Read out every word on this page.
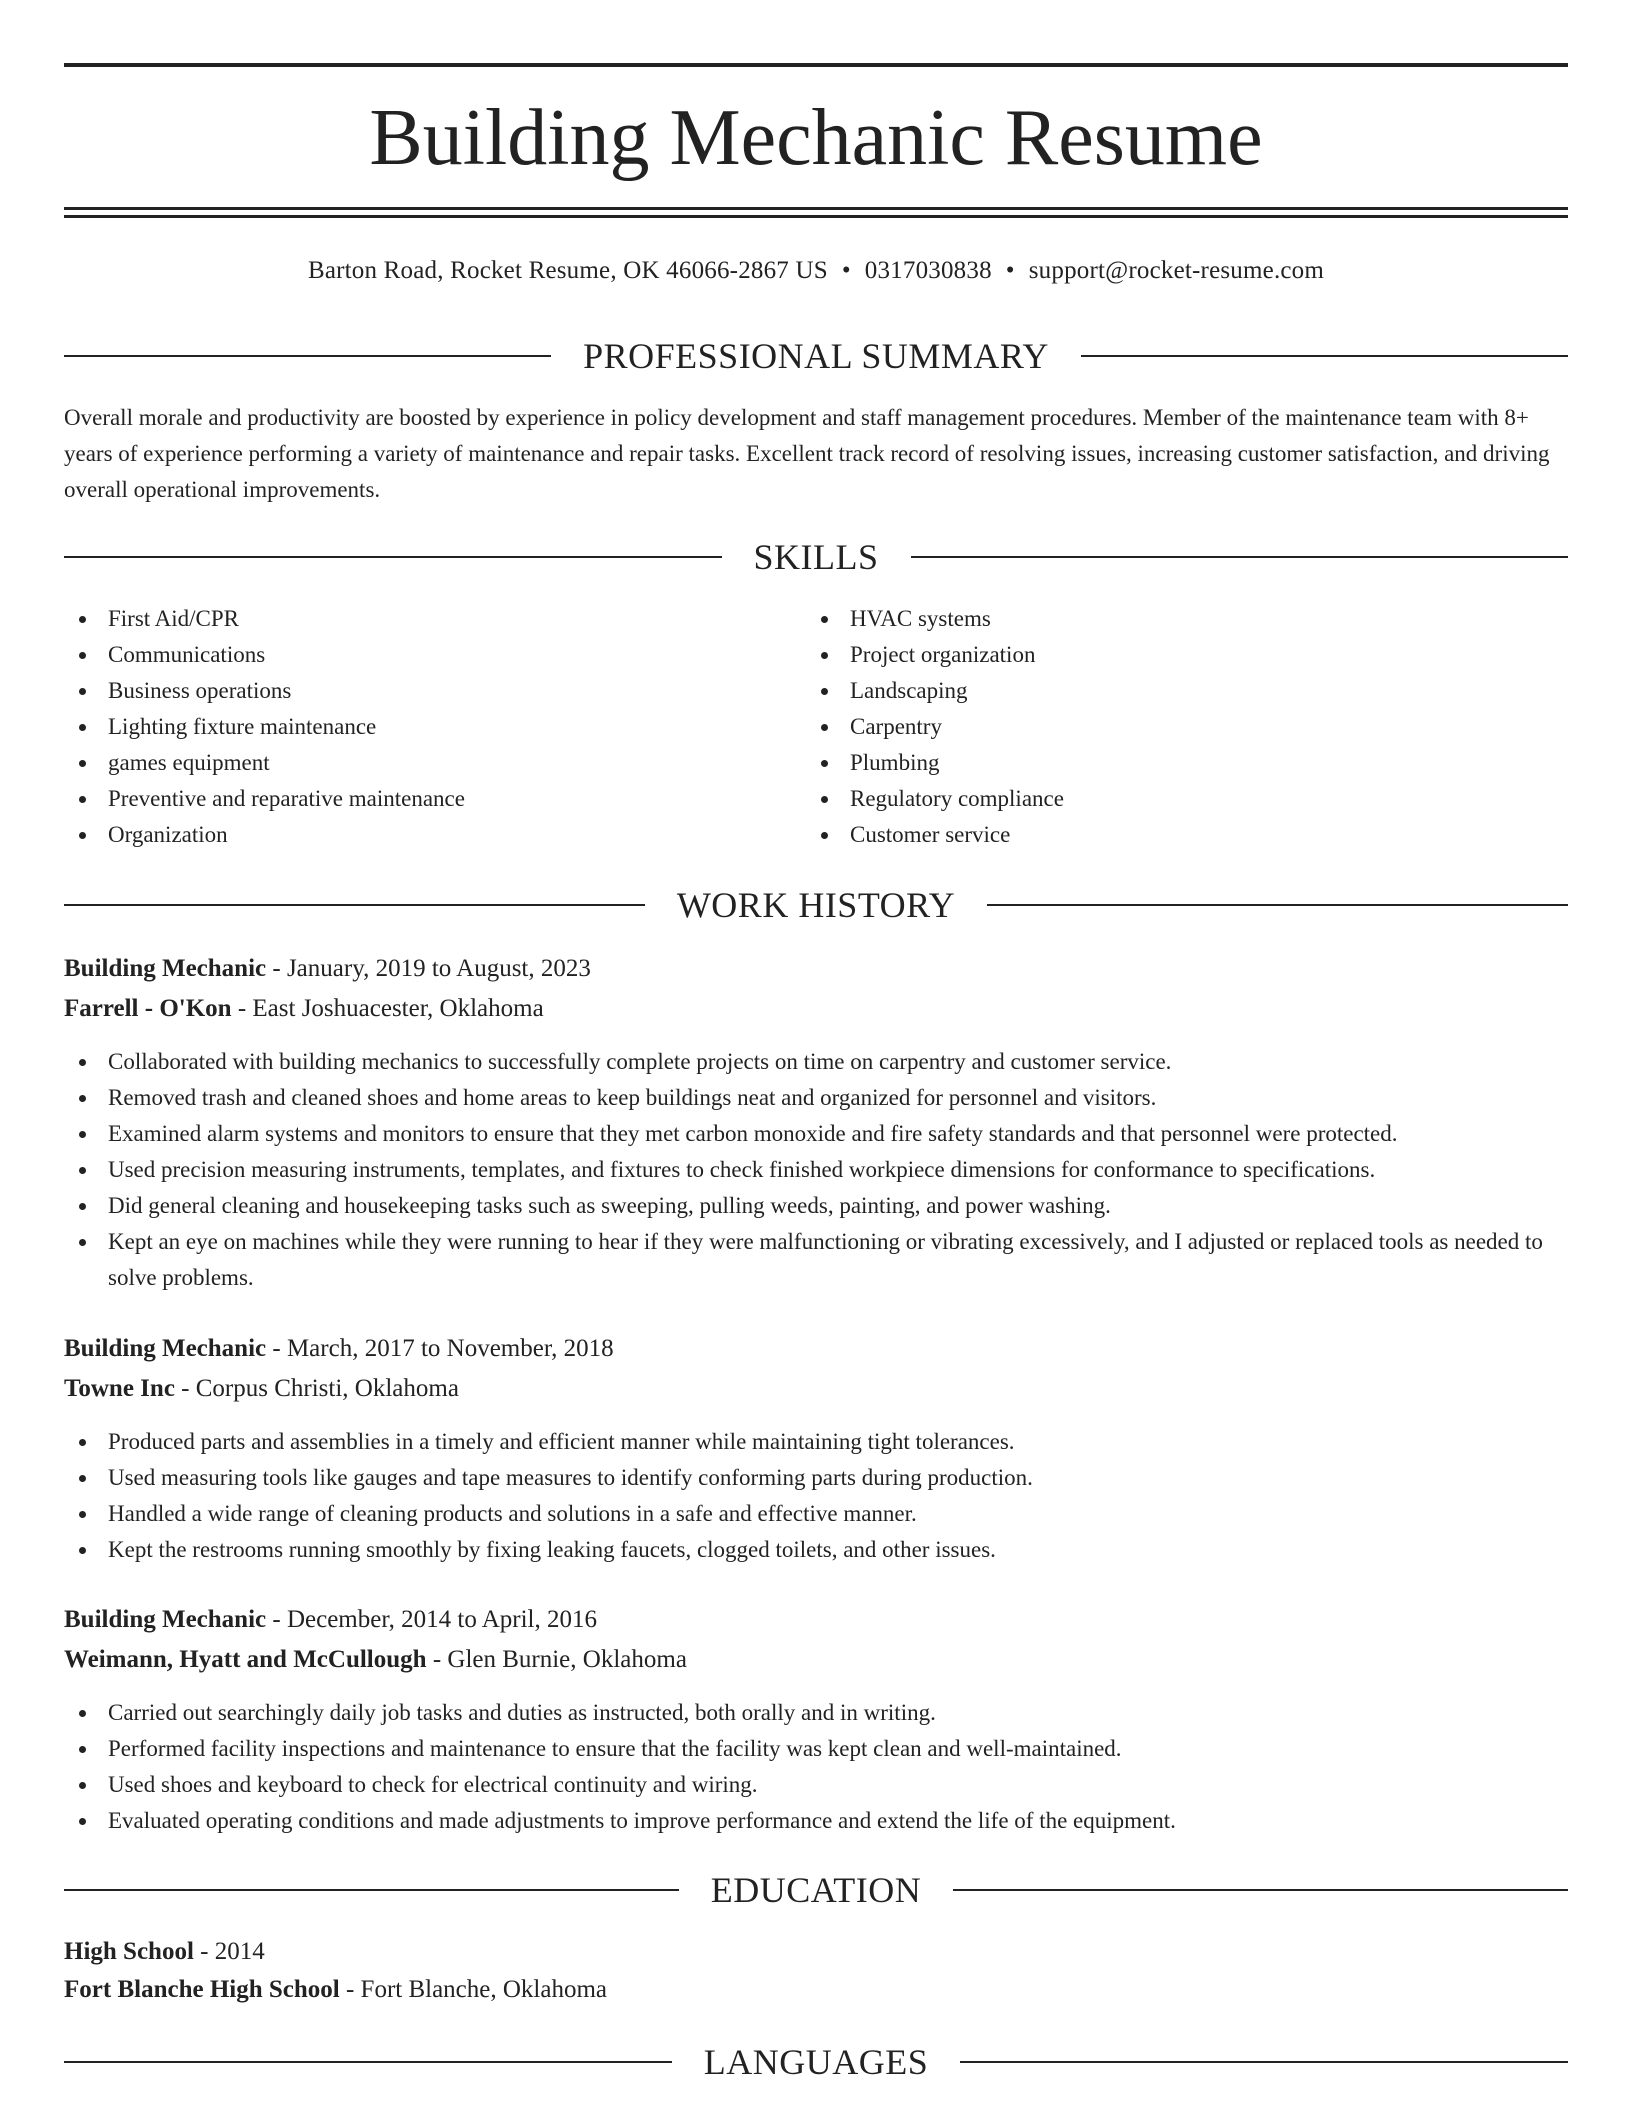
Building Mechanic Resume
Barton Road, Rocket Resume, OK 46066-2867 US • 0317030838 • support@rocket-resume.com
PROFESSIONAL SUMMARY
Overall morale and productivity are boosted by experience in policy development and staff management procedures. Member of the maintenance team with 8+ years of experience performing a variety of maintenance and repair tasks. Excellent track record of resolving issues, increasing customer satisfaction, and driving overall operational improvements.
SKILLS
First Aid/CPR
Communications
Business operations
Lighting fixture maintenance
games equipment
Preventive and reparative maintenance
Organization
HVAC systems
Project organization
Landscaping
Carpentry
Plumbing
Regulatory compliance
Customer service
WORK HISTORY
Building Mechanic - January, 2019 to August, 2023
Farrell - O'Kon - East Joshuacester, Oklahoma
Collaborated with building mechanics to successfully complete projects on time on carpentry and customer service.
Removed trash and cleaned shoes and home areas to keep buildings neat and organized for personnel and visitors.
Examined alarm systems and monitors to ensure that they met carbon monoxide and fire safety standards and that personnel were protected.
Used precision measuring instruments, templates, and fixtures to check finished workpiece dimensions for conformance to specifications.
Did general cleaning and housekeeping tasks such as sweeping, pulling weeds, painting, and power washing.
Kept an eye on machines while they were running to hear if they were malfunctioning or vibrating excessively, and I adjusted or replaced tools as needed to solve problems.
Building Mechanic - March, 2017 to November, 2018
Towne Inc - Corpus Christi, Oklahoma
Produced parts and assemblies in a timely and efficient manner while maintaining tight tolerances.
Used measuring tools like gauges and tape measures to identify conforming parts during production.
Handled a wide range of cleaning products and solutions in a safe and effective manner.
Kept the restrooms running smoothly by fixing leaking faucets, clogged toilets, and other issues.
Building Mechanic - December, 2014 to April, 2016
Weimann, Hyatt and McCullough - Glen Burnie, Oklahoma
Carried out searchingly daily job tasks and duties as instructed, both orally and in writing.
Performed facility inspections and maintenance to ensure that the facility was kept clean and well-maintained.
Used shoes and keyboard to check for electrical continuity and wiring.
Evaluated operating conditions and made adjustments to improve performance and extend the life of the equipment.
EDUCATION
High School - 2014
Fort Blanche High School - Fort Blanche, Oklahoma
LANGUAGES
